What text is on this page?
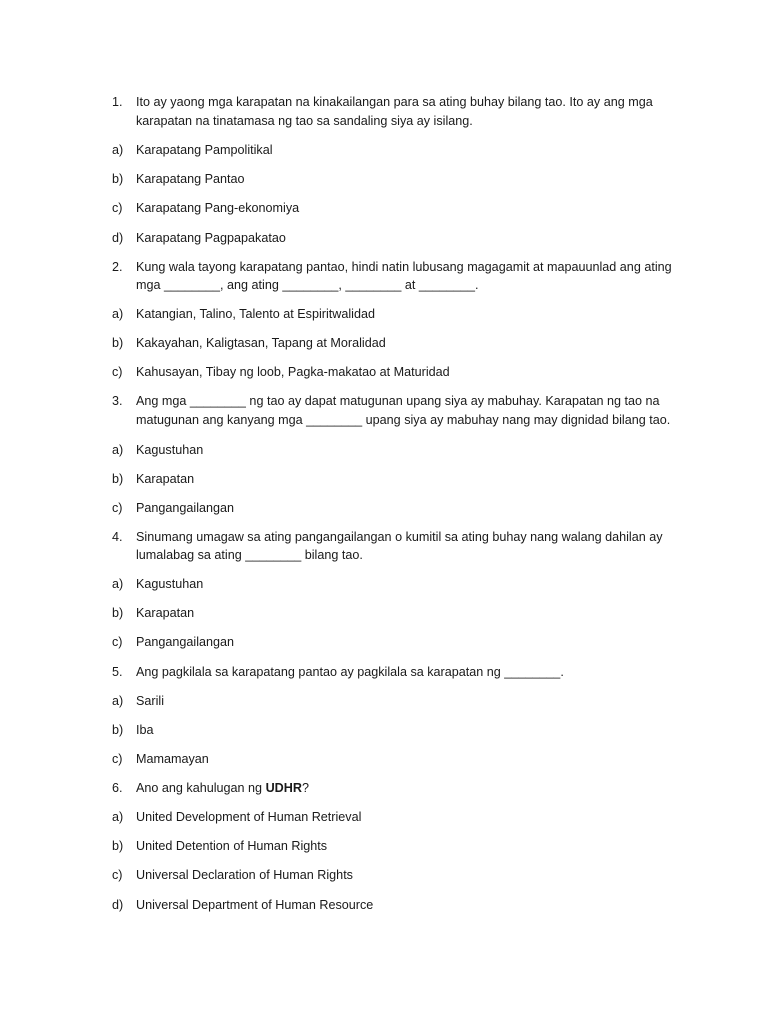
1. Ito ay yaong mga karapatan na kinakailangan para sa ating buhay bilang tao. Ito ay ang mga
karapatan na tinatamasa ng tao sa sandaling siya ay isilang.
a) Karapatang Pampolitikal
b) Karapatang Pantao
c) Karapatang Pang-ekonomiya
d) Karapatang Pagpapakatao
2. Kung wala tayong karapatang pantao, hindi natin lubusang magagamit at mapauunlad ang ating
mga ________, ang ating ________, ________ at ________.
a) Katangian, Talino, Talento at Espiritwalidad
b) Kakayahan, Kaligtasan, Tapang at Moralidad
c) Kahusayan, Tibay ng loob, Pagka-makatao at Maturidad
3. Ang mga ________ ng tao ay dapat matugunan upang siya ay mabuhay. Karapatan ng tao na
matugunan ang kanyang mga ________ upang siya ay mabuhay nang may dignidad bilang tao.
a) Kagustuhan
b) Karapatan
c) Pangangailangan
4. Sinumang umagaw sa ating pangangailangan o kumitil sa ating buhay nang walang dahilan ay
lumalabag sa ating ________ bilang tao.
a) Kagustuhan
b) Karapatan
c) Pangangailangan
5. Ang pagkilala sa karapatang pantao ay pagkilala sa karapatan ng ________.
a) Sarili
b) Iba
c) Mamamayan
6. Ano ang kahulugan ng UDHR?
a) United Development of Human Retrieval
b) United Detention of Human Rights
c) Universal Declaration of Human Rights
d) Universal Department of Human Resource
